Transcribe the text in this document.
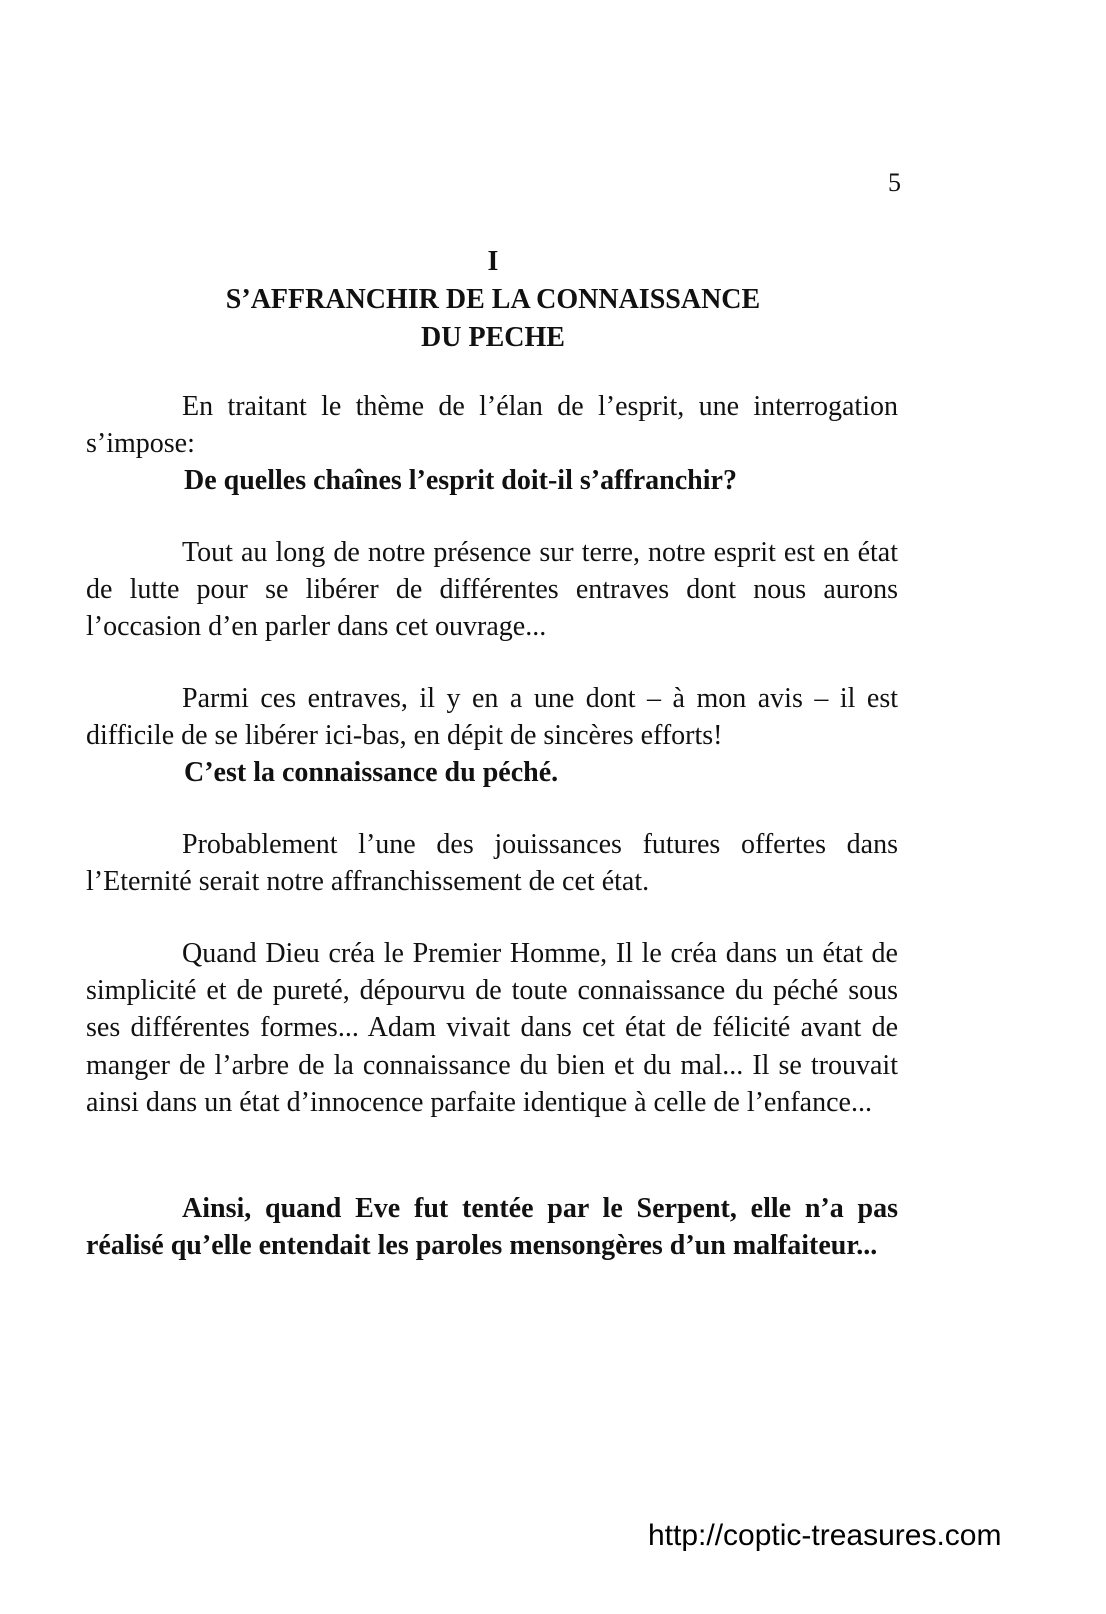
5
I
S’AFFRANCHIR DE LA CONNAISSANCE
DU PECHE

En traitant le thème de l’élan de l’esprit, une interrogation s’impose:

De quelles chaînes l’esprit doit-il s’affranchir?

Tout au long de notre présence sur terre, notre esprit est en état de lutte pour se libérer de différentes entraves dont nous aurons l’occasion d’en parler dans cet ouvrage...

Parmi ces entraves, il y en a une dont – à mon avis – il est difficile de se libérer ici-bas, en dépit de sincères efforts!

C’est la connaissance du péché.

Probablement l’une des jouissances futures offertes dans l’Eternité serait notre affranchissement de cet état.

Quand Dieu créa le Premier Homme, Il le créa dans un état de simplicité et de pureté, dépourvu de toute connaissance du péché sous ses différentes formes... Adam vivait dans cet état de félicité avant de manger de l’arbre de la connaissance du bien et du mal... Il se trouvait ainsi dans un état d’innocence parfaite identique à celle de l’enfance...

Ainsi, quand Eve fut tentée par le Serpent, elle n’a pas réalisé qu’elle entendait les paroles mensongères d’un malfaiteur...

http://coptic-treasures.com
